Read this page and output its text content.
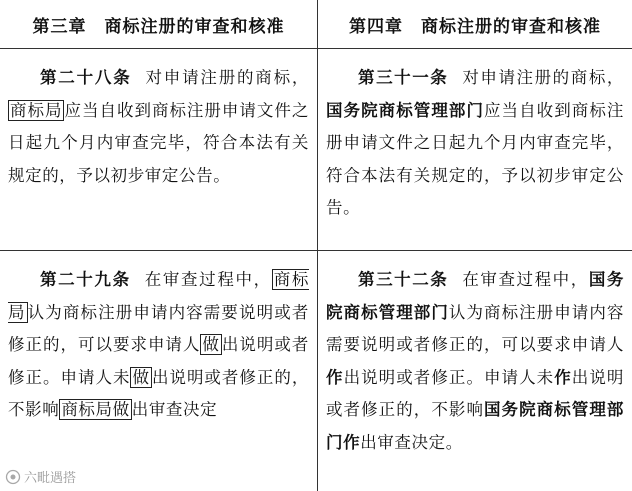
第三章　商标注册的审查和核准	第四章　商标注册的审查和核准
第二十八条 对申请注册的商标，商标局 应当自收到商标注册申请文件之日起九个月内审查完毕，符合本法有关规定的，予以初步审定公告。
第三十一条 对申请注册的商标，国务院商标管理部门应当自收到商标注册申请文件之日起九个月内审查完毕，符合本法有关规定的，予以初步审定公告。
第二十九条 在审查过程中， 商标局 认为商标注册申请内容需要说明或者修正的，可以要求申请人 做 出说明或者修正。申请人未 做 出说明或者修正的，不影响 商标局做 出审查决定
第三十二条 在审查过程中，国务院商标管理部门认为商标注册申请内容需要说明或者修正的，可以要求申请人作出说明或者修正。申请人未作出说明或者修正的，不影响国务院商标管理部门作出审查决定。
六毗遇搭
